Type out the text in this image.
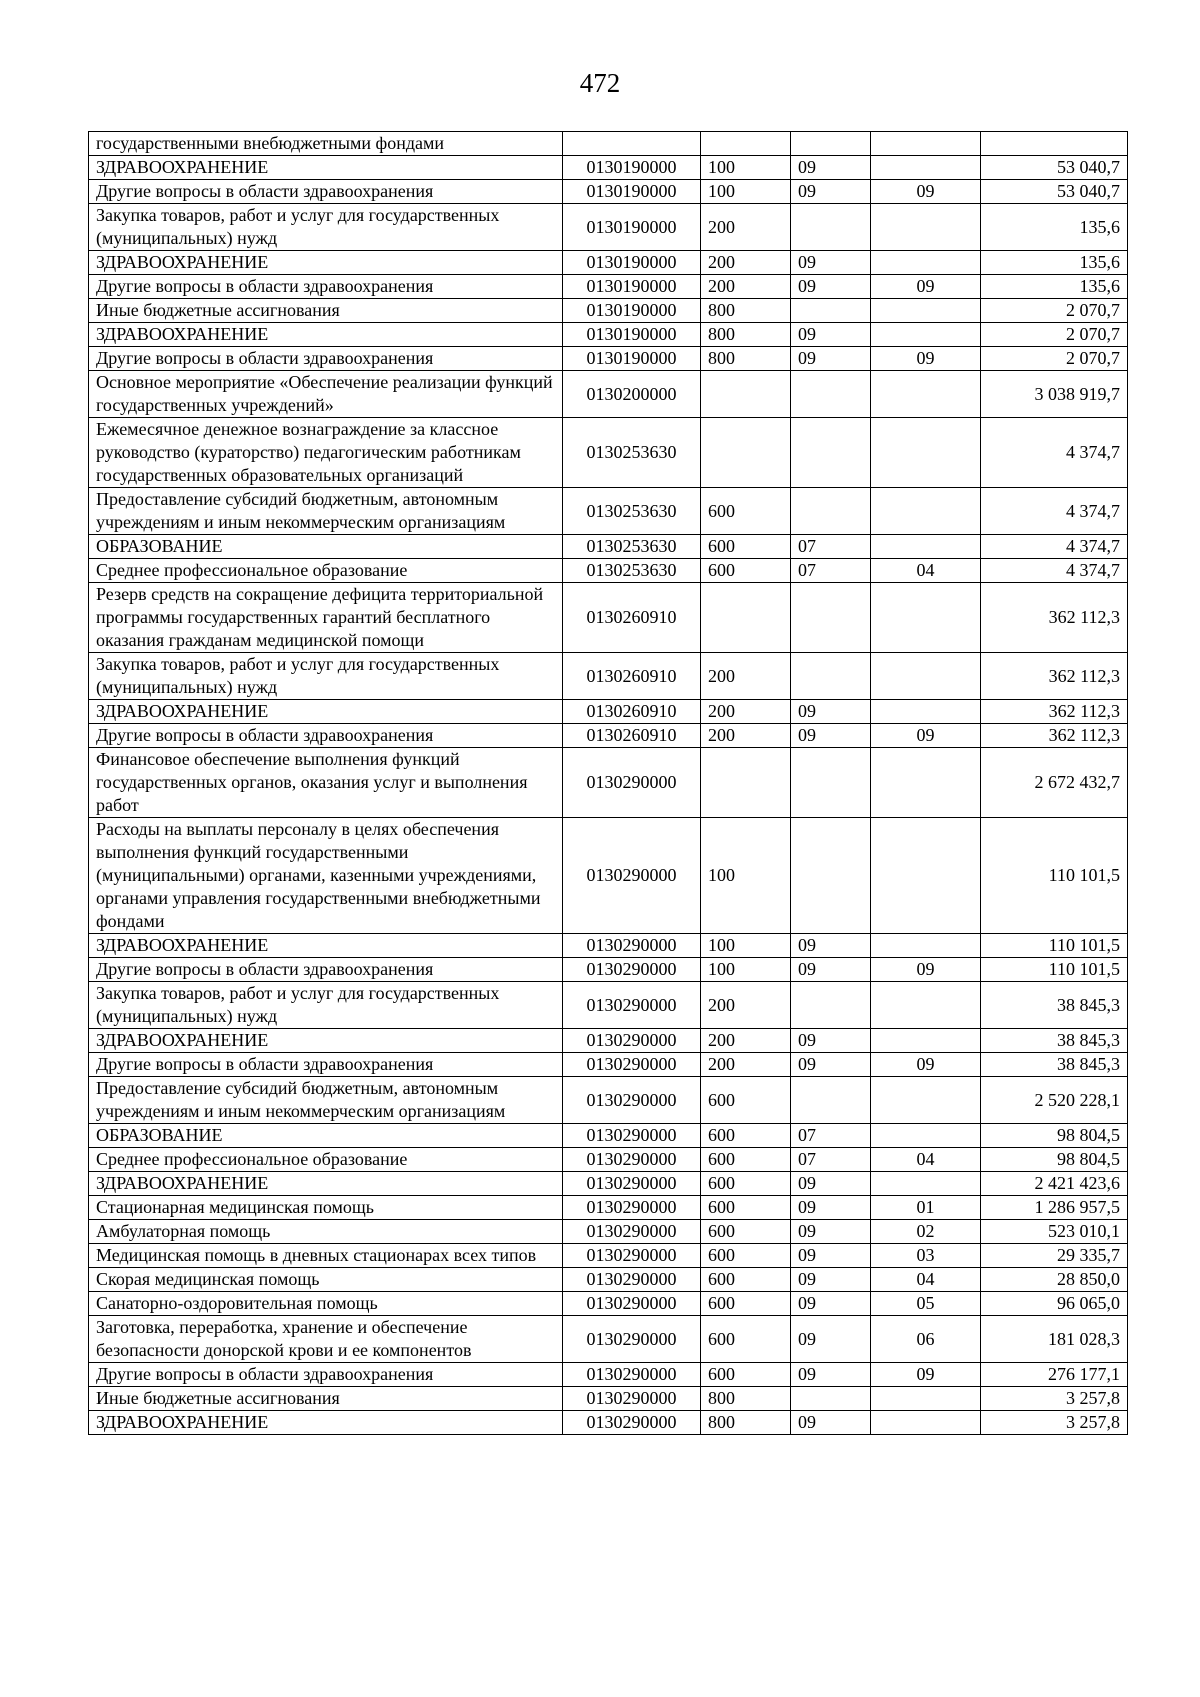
472
государственными внебюджетными фондами					
ЗДРАВООХРАНЕНИЕ	0130190000	100	09		53 040,7
Другие вопросы в области здравоохранения	0130190000	100	09	09	53 040,7
Закупка товаров, работ и услуг для государственных (муниципальных) нужд	0130190000	200			135,6
ЗДРАВООХРАНЕНИЕ	0130190000	200	09		135,6
Другие вопросы в области здравоохранения	0130190000	200	09	09	135,6
Иные бюджетные ассигнования	0130190000	800			2 070,7
ЗДРАВООХРАНЕНИЕ	0130190000	800	09		2 070,7
Другие вопросы в области здравоохранения	0130190000	800	09	09	2 070,7
Основное мероприятие «Обеспечение реализации функций государственных учреждений»	0130200000				3 038 919,7
Ежемесячное денежное вознаграждение за классное руководство (кураторство) педагогическим работникам государственных образовательных организаций	0130253630				4 374,7
Предоставление субсидий бюджетным, автономным учреждениям и иным некоммерческим организациям	0130253630	600			4 374,7
ОБРАЗОВАНИЕ	0130253630	600	07		4 374,7
Среднее профессиональное образование	0130253630	600	07	04	4 374,7
Резерв средств на сокращение дефицита территориальной программы государственных гарантий бесплатного оказания гражданам медицинской помощи	0130260910				362 112,3
Закупка товаров, работ и услуг для государственных (муниципальных) нужд	0130260910	200			362 112,3
ЗДРАВООХРАНЕНИЕ	0130260910	200	09		362 112,3
Другие вопросы в области здравоохранения	0130260910	200	09	09	362 112,3
Финансовое обеспечение выполнения функций государственных органов, оказания услуг и выполнения работ	0130290000				2 672 432,7
Расходы на выплаты персоналу в целях обеспечения выполнения функций государственными (муниципальными) органами, казенными учреждениями, органами управления государственными внебюджетными фондами	0130290000	100			110 101,5
ЗДРАВООХРАНЕНИЕ	0130290000	100	09		110 101,5
Другие вопросы в области здравоохранения	0130290000	100	09	09	110 101,5
Закупка товаров, работ и услуг для государственных (муниципальных) нужд	0130290000	200			38 845,3
ЗДРАВООХРАНЕНИЕ	0130290000	200	09		38 845,3
Другие вопросы в области здравоохранения	0130290000	200	09	09	38 845,3
Предоставление субсидий бюджетным, автономным учреждениям и иным некоммерческим организациям	0130290000	600			2 520 228,1
ОБРАЗОВАНИЕ	0130290000	600	07		98 804,5
Среднее профессиональное образование	0130290000	600	07	04	98 804,5
ЗДРАВООХРАНЕНИЕ	0130290000	600	09		2 421 423,6
Стационарная медицинская помощь	0130290000	600	09	01	1 286 957,5
Амбулаторная помощь	0130290000	600	09	02	523 010,1
Медицинская помощь в дневных стационарах всех типов	0130290000	600	09	03	29 335,7
Скорая медицинская помощь	0130290000	600	09	04	28 850,0
Санаторно-оздоровительная помощь	0130290000	600	09	05	96 065,0
Заготовка, переработка, хранение и обеспечение безопасности донорской крови и ее компонентов	0130290000	600	09	06	181 028,3
Другие вопросы в области здравоохранения	0130290000	600	09	09	276 177,1
Иные бюджетные ассигнования	0130290000	800			3 257,8
ЗДРАВООХРАНЕНИЕ	0130290000	800	09		3 257,8
